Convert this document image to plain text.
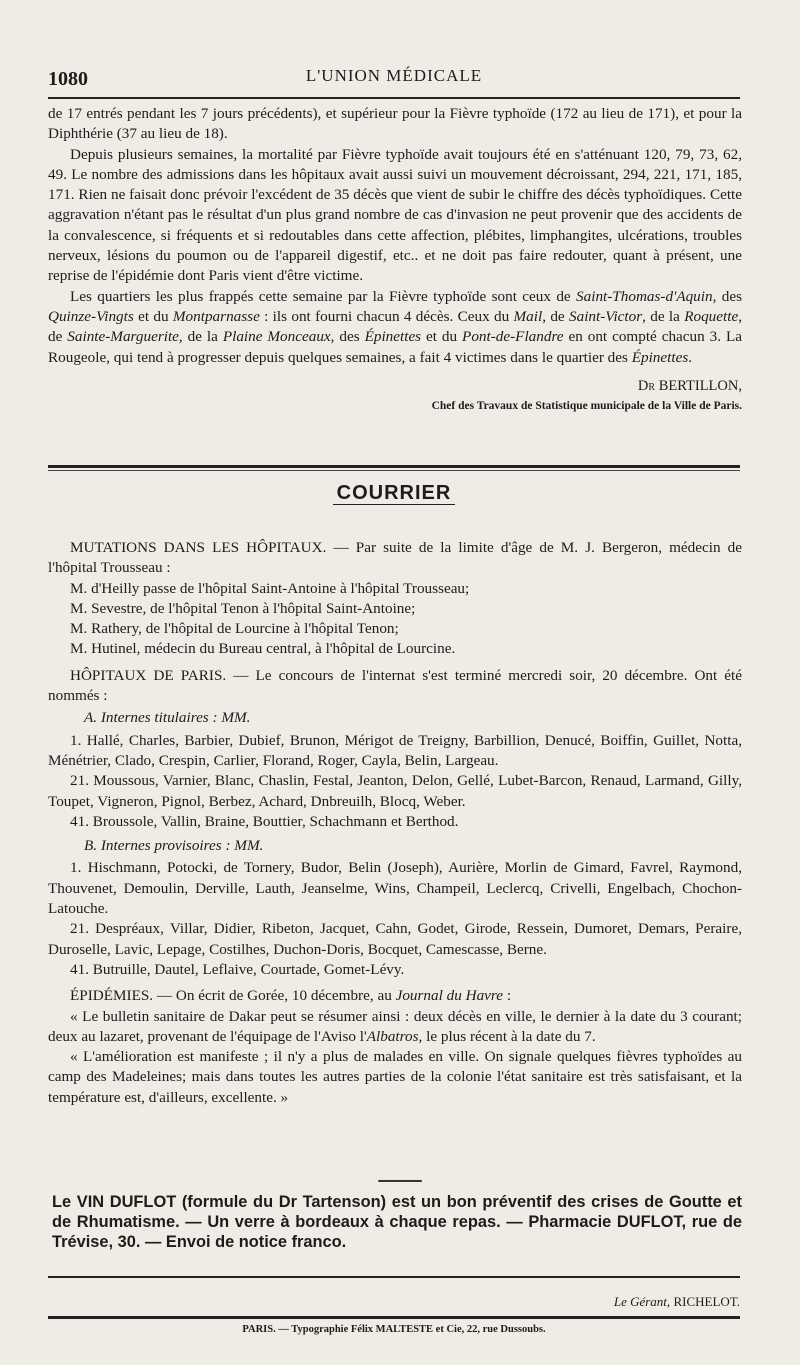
1080	L'UNION MÉDICALE

de 17 entrés pendant les 7 jours précédents), et supérieur pour la Fièvre typhoïde (172 au lieu de 171), et pour la Diphthérie (37 au lieu de 18).

Depuis plusieurs semaines, la mortalité par Fièvre typhoïde avait toujours été en s'atténuant 120, 79, 73, 62, 49. Le nombre des admissions dans les hôpitaux avait aussi suivi un mouvement décroissant, 294, 221, 171, 185, 171. Rien ne faisait donc prévoir l'excédent de 35 décès que vient de subir le chiffre des décès typhoïdiques. Cette aggravation n'étant pas le résultat d'un plus grand nombre de cas d'invasion ne peut provenir que des accidents de la convalescence, si fréquents et si redoutables dans cette affection, plébites, limphangites, ulcérations, troubles nerveux, lésions du poumon ou de l'appareil digestif, etc.. et ne doit pas faire redouter, quant à présent, une reprise de l'épidémie dont Paris vient d'être victime.

Les quartiers les plus frappés cette semaine par la Fièvre typhoïde sont ceux de Saint-Thomas-d'Aquin, des Quinze-Vingts et du Montparnasse : ils ont fourni chacun 4 décès. Ceux du Mail, de Saint-Victor, de la Roquette, de Sainte-Marguerite, de la Plaine Monceaux, des Épinettes et du Pont-de-Flandre en ont compté chacun 3. La Rougeole, qui tend à progresser depuis quelques semaines, a fait 4 victimes dans le quartier des Épinettes.

Dr BERTILLON,

Chef des Travaux de Statistique municipale de la Ville de Paris.

COURRIER

MUTATIONS DANS LES HÔPITAUX. — Par suite de la limite d'âge de M. J. Bergeron, médecin de l'hôpital Trousseau :

M. d'Heilly passe de l'hôpital Saint-Antoine à l'hôpital Trousseau;

M. Sevestre, de l'hôpital Tenon à l'hôpital Saint-Antoine;

M. Rathery, de l'hôpital de Lourcine à l'hôpital Tenon;

M. Hutinel, médecin du Bureau central, à l'hôpital de Lourcine.

HÔPITAUX DE PARIS. — Le concours de l'internat s'est terminé mercredi soir, 20 décembre. Ont été nommés :

A. Internes titulaires : MM.

1. Hallé, Charles, Barbier, Dubief, Brunon, Mérigot de Treigny, Barbillion, Denucé, Boiffin, Guillet, Notta, Ménétrier, Clado, Crespin, Carlier, Florand, Roger, Cayla, Belin, Largeau.

21. Moussous, Varnier, Blanc, Chaslin, Festal, Jeanton, Delon, Gellé, Lubet-Barcon, Renaud, Larmand, Gilly, Toupet, Vigneron, Pignol, Berbez, Achard, Dnbreuilh, Blocq, Weber.

41. Broussole, Vallin, Braine, Bouttier, Schachmann et Berthod.

B. Internes provisoires : MM.

1. Hischmann, Potocki, de Tornery, Budor, Belin (Joseph), Aurière, Morlin de Gimard, Favrel, Raymond, Thouvenet, Demoulin, Derville, Lauth, Jeanselme, Wins, Champeil, Leclercq, Crivelli, Engelbach, Chochon-Latouche.

21. Despréaux, Villar, Didier, Ribeton, Jacquet, Cahn, Godet, Girode, Ressein, Dumoret, Demars, Peraire, Duroselle, Lavic, Lepage, Costilhes, Duchon-Doris, Bocquet, Camescasse, Berne.

41. Butruille, Dautel, Leflaive, Courtade, Gomet-Lévy.

ÉPIDÉMIES. — On écrit de Gorée, 10 décembre, au Journal du Havre :

« Le bulletin sanitaire de Dakar peut se résumer ainsi : deux décès en ville, le dernier à la date du 3 courant; deux au lazaret, provenant de l'équipage de l'Aviso l'Albatros, le plus récent à la date du 7.

« L'amélioration est manifeste ; il n'y a plus de malades en ville. On signale quelques fièvres typhoïdes au camp des Madeleines; mais dans toutes les autres parties de la colonie l'état sanitaire est très satisfaisant, et la température est, d'ailleurs, excellente. »

━━━━━━
Le VIN DUFLOT (formule du Dr Tartenson) est un bon préventif des crises de Goutte et de Rhumatisme. — Un verre à bordeaux à chaque repas. — Pharmacie DUFLOT, rue de Trévise, 30. — Envoi de notice franco.
Le Gérant, RICHELOT.
PARIS. — Typographie Félix MALTESTE et Cie, 22, rue Dussoubs.
